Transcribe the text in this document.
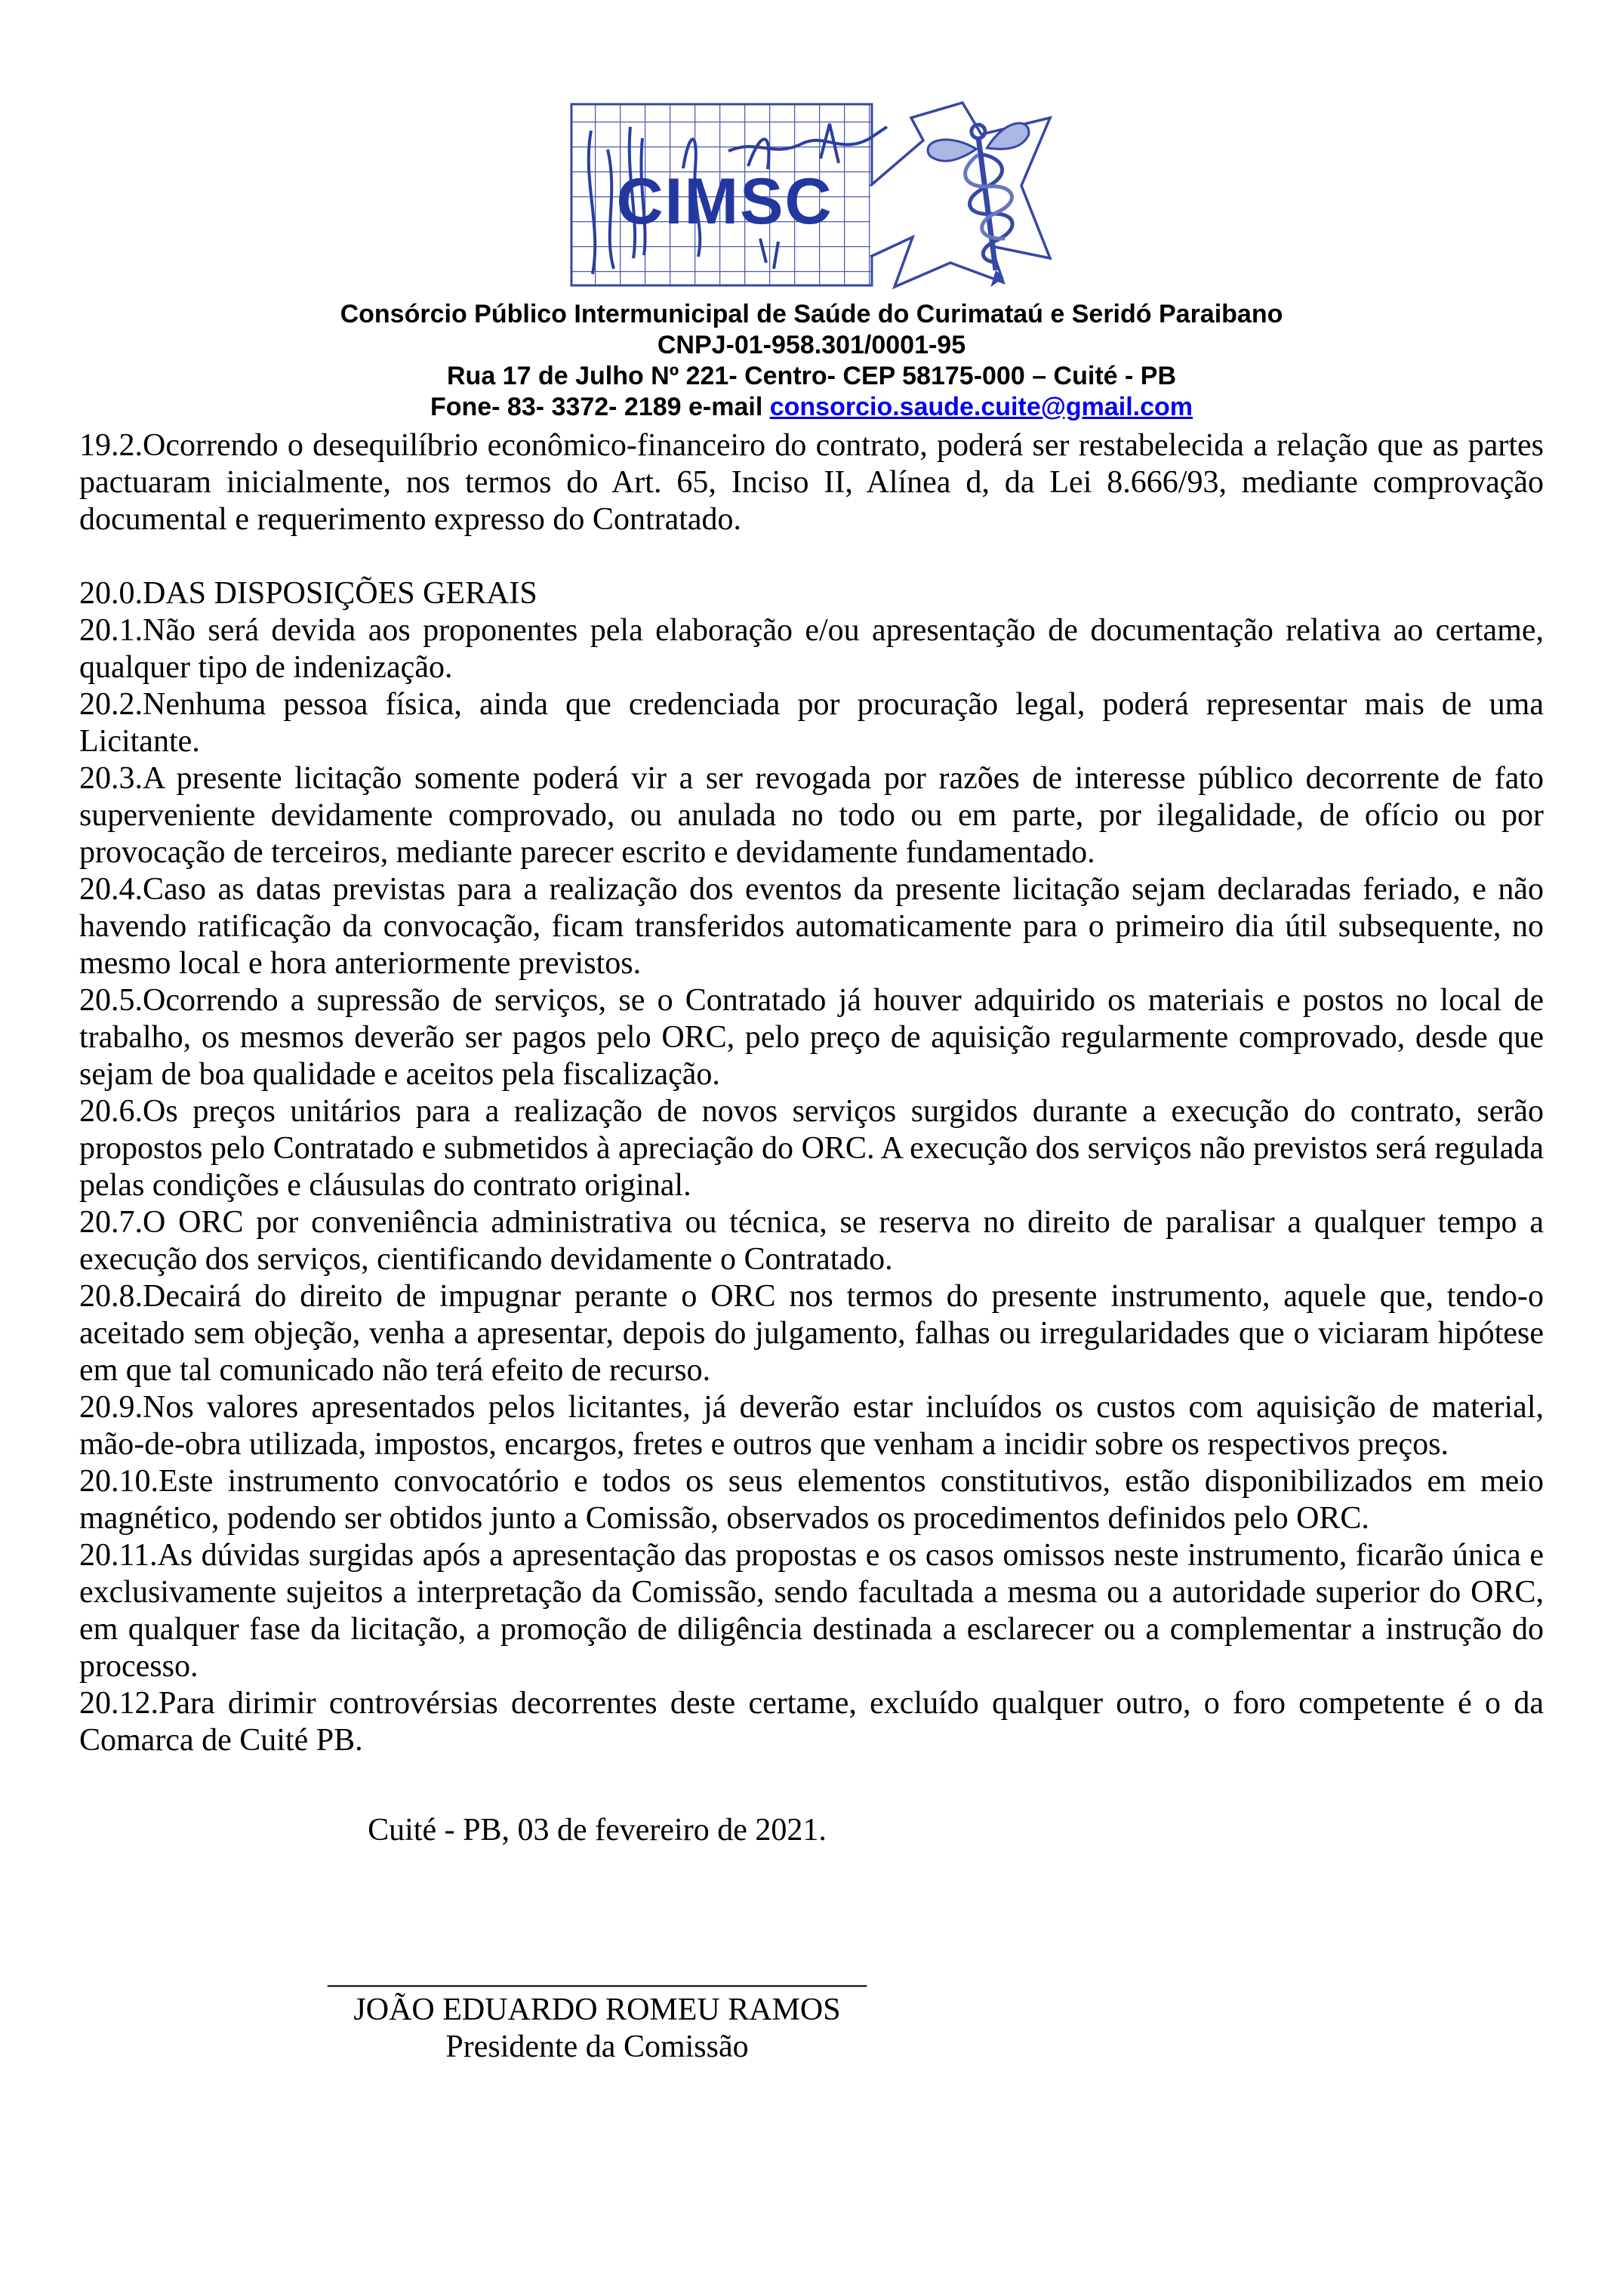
CIMSC
Consórcio Público Intermunicipal de Saúde do Curimataú e Seridó Paraibano
CNPJ-01-958.301/0001-95
Rua 17 de Julho Nº 221- Centro- CEP 58175-000 – Cuité - PB
Fone- 83- 3372- 2189 e-mail consorcio.saude.cuite@gmail.com

19.2.Ocorrendo o desequilíbrio econômico-financeiro do contrato, poderá ser restabelecida a relação que as partes pactuaram inicialmente, nos termos do Art. 65, Inciso II, Alínea d, da Lei 8.666/93, mediante comprovação documental e requerimento expresso do Contratado.

20.0.DAS DISPOSIÇÕES GERAIS

20.1.Não será devida aos proponentes pela elaboração e/ou apresentação de documentação relativa ao certame, qualquer tipo de indenização.

20.2.Nenhuma pessoa física, ainda que credenciada por procuração legal, poderá representar mais de uma Licitante.

20.3.A presente licitação somente poderá vir a ser revogada por razões de interesse público decorrente de fato superveniente devidamente comprovado, ou anulada no todo ou em parte, por ilegalidade, de ofício ou por provocação de terceiros, mediante parecer escrito e devidamente fundamentado.

20.4.Caso as datas previstas para a realização dos eventos da presente licitação sejam declaradas feriado, e não havendo ratificação da convocação, ficam transferidos automaticamente para o primeiro dia útil subsequente, no mesmo local e hora anteriormente previstos.

20.5.Ocorrendo a supressão de serviços, se o Contratado já houver adquirido os materiais e postos no local de trabalho, os mesmos deverão ser pagos pelo ORC, pelo preço de aquisição regularmente comprovado, desde que sejam de boa qualidade e aceitos pela fiscalização.

20.6.Os preços unitários para a realização de novos serviços surgidos durante a execução do contrato, serão propostos pelo Contratado e submetidos à apreciação do ORC. A execução dos serviços não previstos será regulada pelas condições e cláusulas do contrato original.

20.7.O ORC por conveniência administrativa ou técnica, se reserva no direito de paralisar a qualquer tempo a execução dos serviços, cientificando devidamente o Contratado.

20.8.Decairá do direito de impugnar perante o ORC nos termos do presente instrumento, aquele que, tendo-o aceitado sem objeção, venha a apresentar, depois do julgamento, falhas ou irregularidades que o viciaram hipótese em que tal comunicado não terá efeito de recurso.

20.9.Nos valores apresentados pelos licitantes, já deverão estar incluídos os custos com aquisição de material, mão-de-obra utilizada, impostos, encargos, fretes e outros que venham a incidir sobre os respectivos preços.

20.10.Este instrumento convocatório e todos os seus elementos constitutivos, estão disponibilizados em meio magnético, podendo ser obtidos junto a Comissão, observados os procedimentos definidos pelo ORC.

20.11.As dúvidas surgidas após a apresentação das propostas e os casos omissos neste instrumento, ficarão única e exclusivamente sujeitos a interpretação da Comissão, sendo facultada a mesma ou a autoridade superior do ORC, em qualquer fase da licitação, a promoção de diligência destinada a esclarecer ou a complementar a instrução do processo.

20.12.Para dirimir controvérsias decorrentes deste certame, excluído qualquer outro, o foro competente é o da Comarca de Cuité PB.

Cuité - PB, 03 de fevereiro de 2021.
__________________________________
JOÃO EDUARDO ROMEU RAMOS
Presidente da Comissão
